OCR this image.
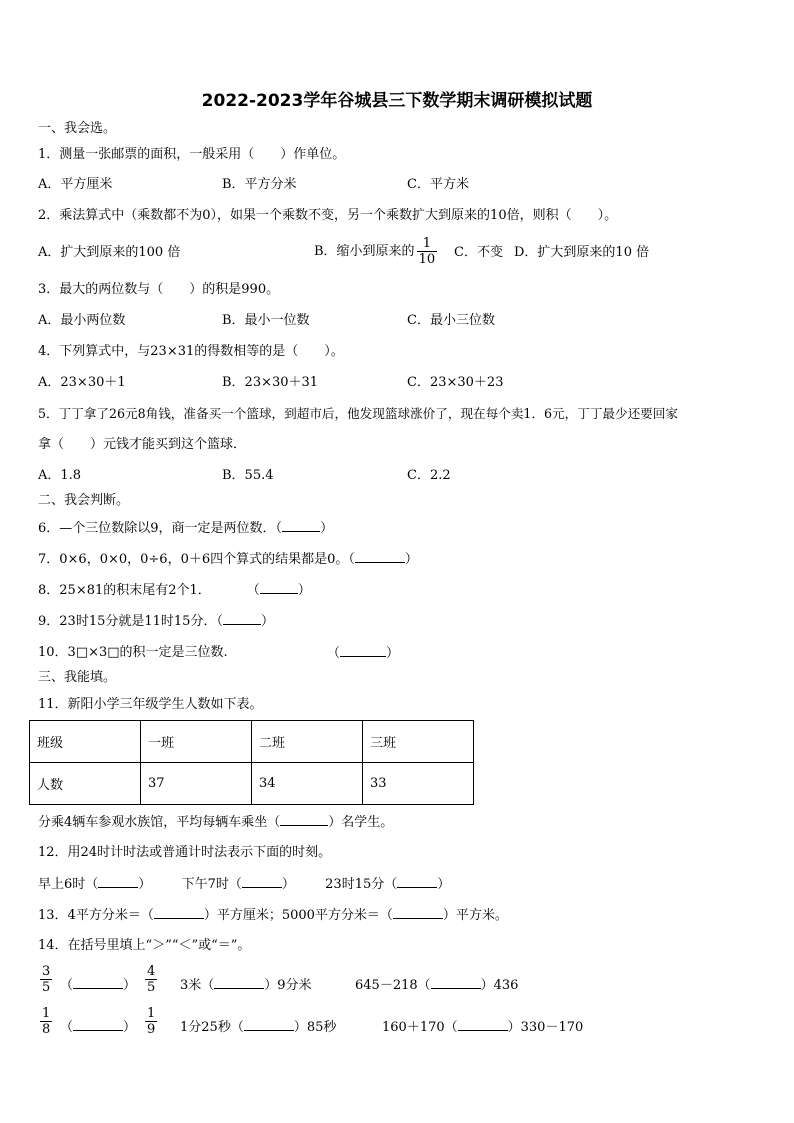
2022-2023学年谷城县三下数学期末调研模拟试题
一、我会选。
1．测量一张邮票的面积，一般采用（　　）作单位。
A．平方厘米	B．平方分米	C．平方米
2．乘法算式中（乘数都不为0），如果一个乘数不变，另一个乘数扩大到原来的10倍，则积（　　）。
A．扩大到原来的100 倍	B．缩小到原来的 $\frac{1}{10}$ C．不变 D．扩大到原来的10 倍
3．最大的两位数与（　　）的积是990。
A．最小两位数	B．最小一位数	C．最小三位数
4．下列算式中，与23×31的得数相等的是（　　）。
A．23×30＋1	B．23×30＋31	C．23×30＋23
5．丁丁拿了26元8角钱，准备买一个篮球，到超市后，他发现篮球涨价了，现在每个卖1．6元，丁丁最少还要回家
拿（　　）元钱才能买到这个篮球．
A．1.8	B．55.4	C．2.2
二、我会判断。
6．—个三位数除以9，商一定是两位数．（	）
7．0×6，0×0，0÷6，0＋6四个算式的结果都是0。（	）
8．25×81的积末尾有2个1．	（	）
9．23时15分就是11时15分．（	）
10．3□×3□的积一定是三位数.	（	）
三、我能填。
11．新阳小学三年级学生人数如下表。
班级	一班	二班	三班
人数	37	34	33
分乘4辆车参观水族馆，平均每辆车乘坐（	）名学生。
12．用24时计时法或普通计时法表示下面的时刻。
早上6时（	） 下午7时（	） 23时15分（	）
13．4平方分米＝（	）平方厘米；5000平方分米＝（	）平方米。
14．在括号里填上“＞”“＜”或“＝”。
$\frac{3}{5}$ （	） $\frac{4}{5} 3$米（	）9分米	645－218（	）436
$\frac{1}{8}$ （	） $\frac{1}{9} 1$分25秒（	）85秒	160＋170（	）330－170
